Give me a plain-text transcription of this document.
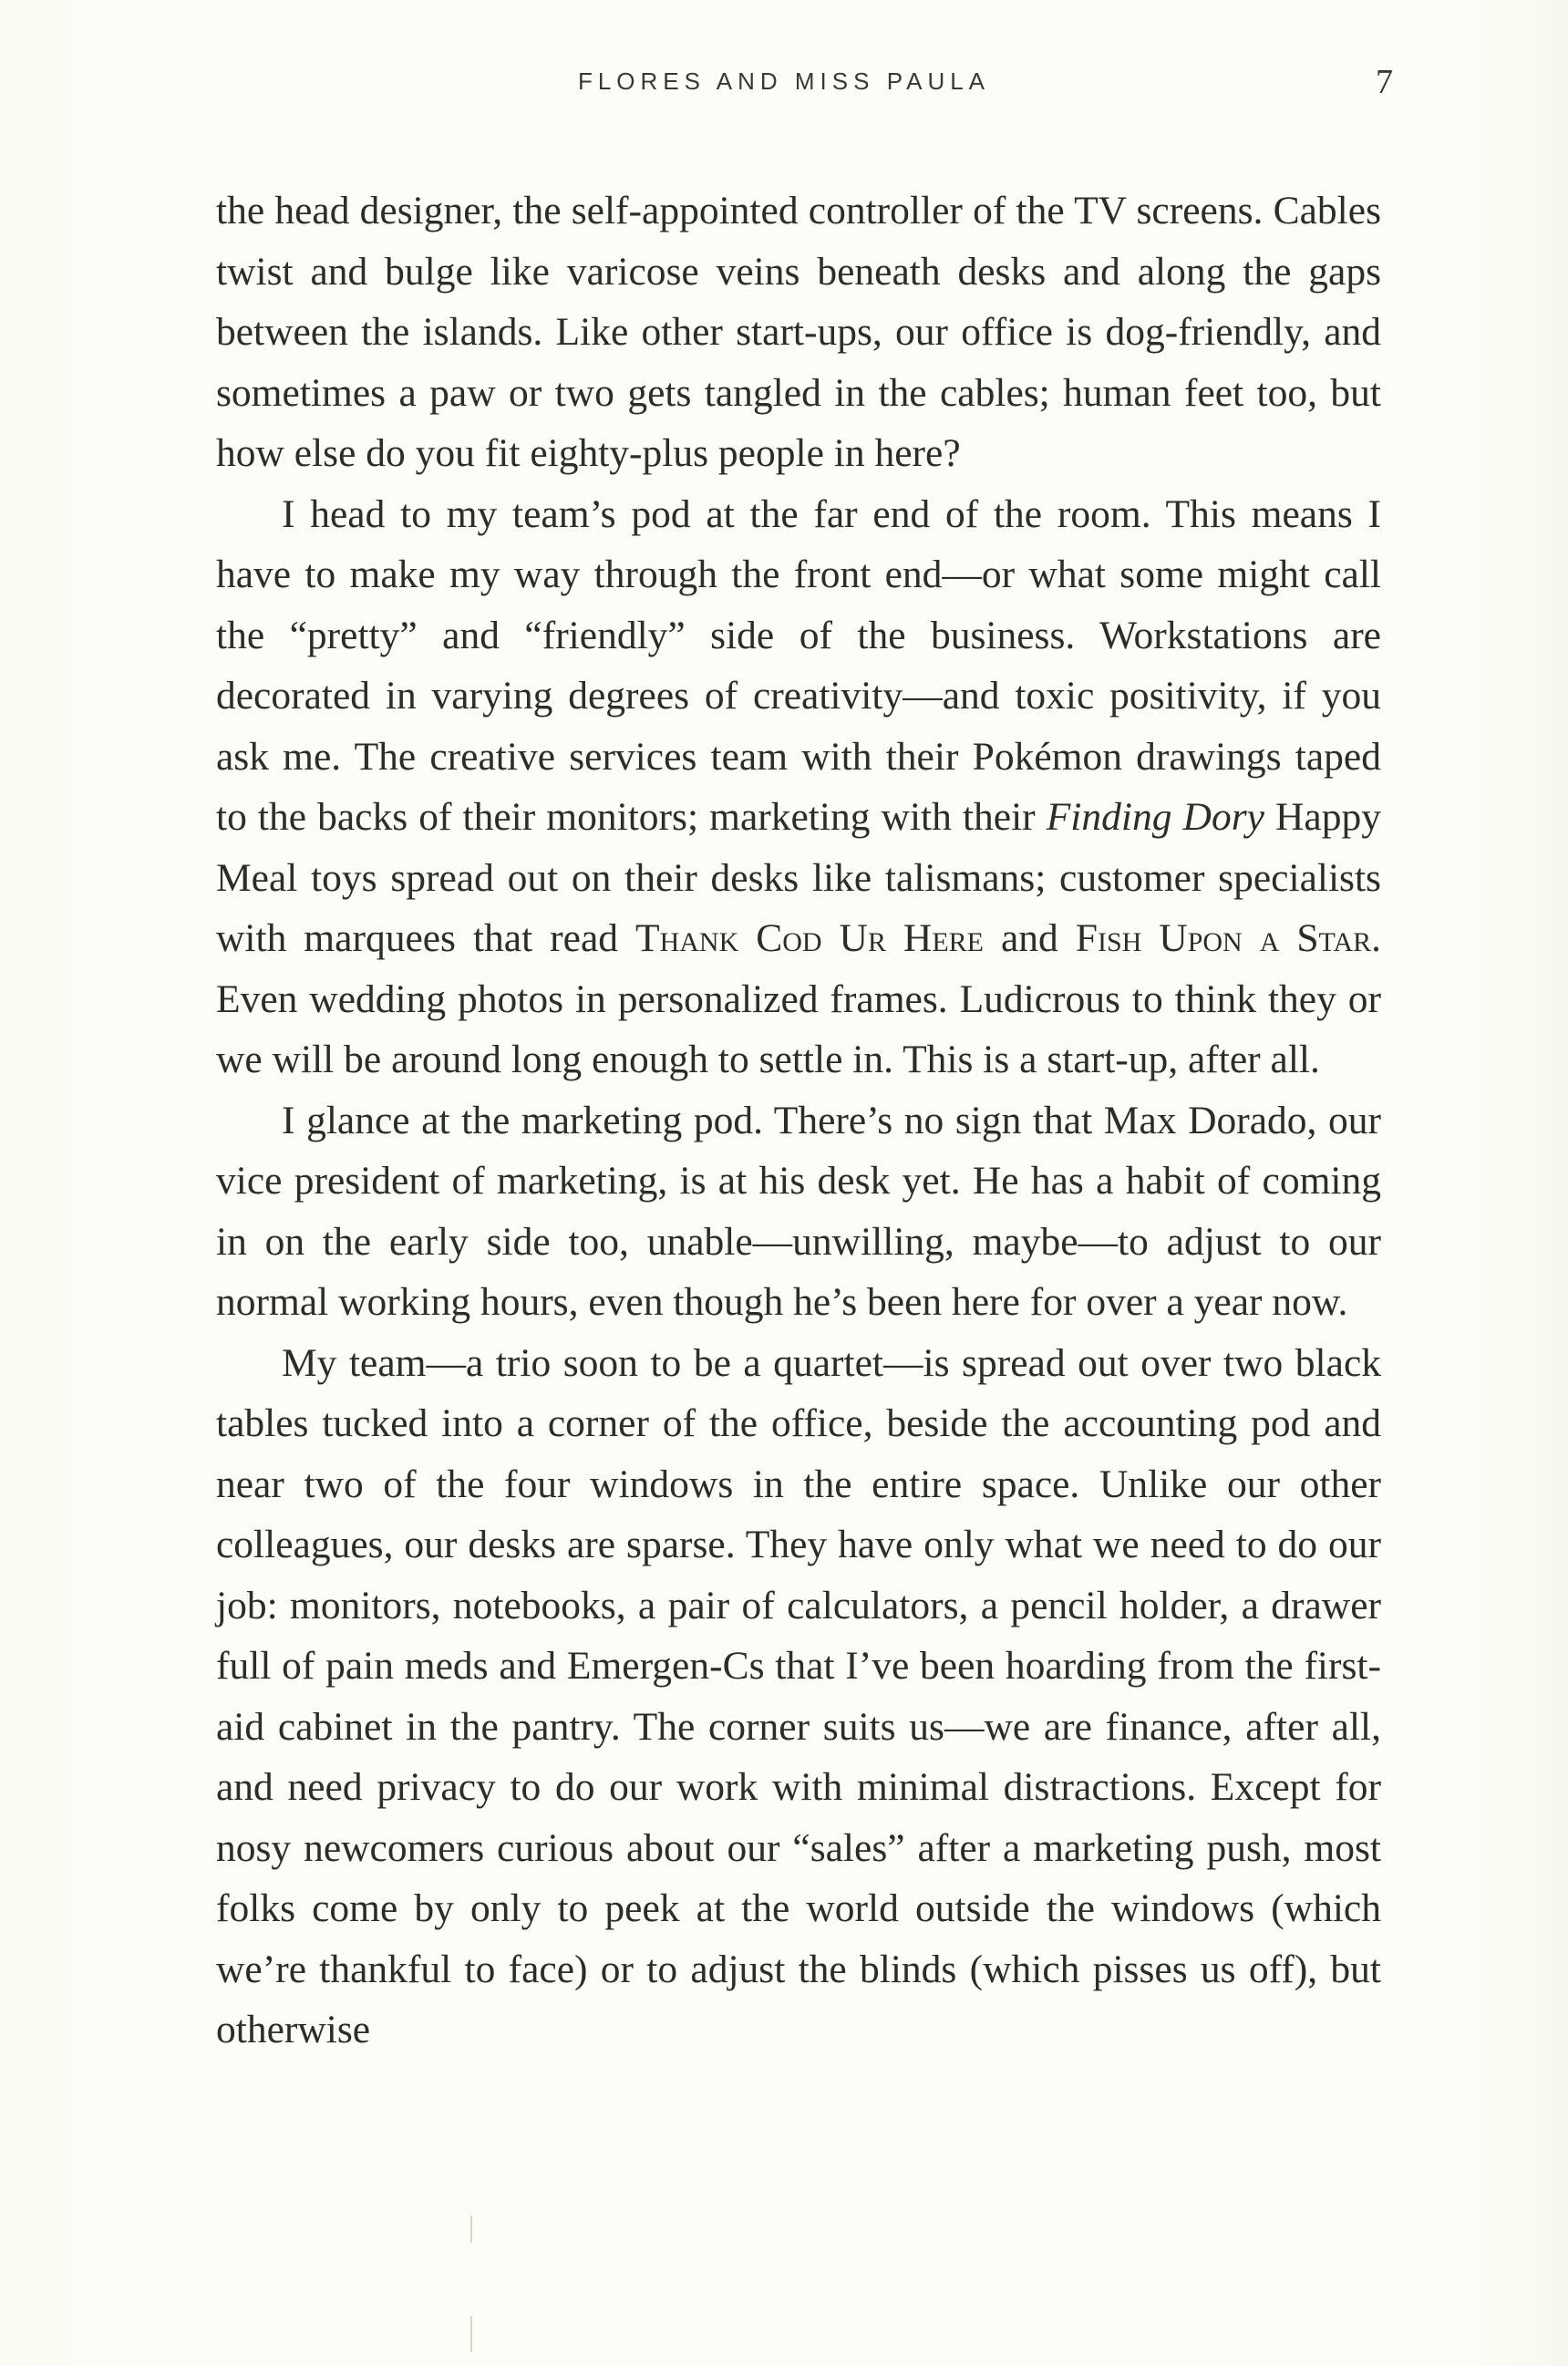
FLORES AND MISS PAULA	7

the head designer, the self-appointed controller of the TV screens. Cables twist and bulge like varicose veins beneath desks and along the gaps between the islands. Like other start-ups, our office is dog-friendly, and sometimes a paw or two gets tangled in the cables; human feet too, but how else do you fit eighty-plus people in here?

I head to my team’s pod at the far end of the room. This means I have to make my way through the front end—or what some might call the “pretty” and “friendly” side of the business. Workstations are decorated in varying degrees of creativity—and toxic positivity, if you ask me. The creative services team with their Pokémon drawings taped to the backs of their monitors; marketing with their Finding Dory Happy Meal toys spread out on their desks like talismans; customer specialists with marquees that read Thank Cod Ur Here and Fish Upon a Star. Even wedding photos in personalized frames. Ludicrous to think they or we will be around long enough to settle in. This is a start-up, after all.

I glance at the marketing pod. There’s no sign that Max Dorado, our vice president of marketing, is at his desk yet. He has a habit of coming in on the early side too, unable—unwilling, maybe—to adjust to our normal working hours, even though he’s been here for over a year now.

My team—a trio soon to be a quartet—is spread out over two black tables tucked into a corner of the office, beside the accounting pod and near two of the four windows in the entire space. Unlike our other colleagues, our desks are sparse. They have only what we need to do our job: monitors, notebooks, a pair of calculators, a pencil holder, a drawer full of pain meds and Emergen-Cs that I’ve been hoarding from the first-aid cabinet in the pantry. The corner suits us—we are finance, after all, and need privacy to do our work with minimal distractions. Except for nosy newcomers curious about our “sales” after a marketing push, most folks come by only to peek at the world outside the windows (which we’re thankful to face) or to adjust the blinds (which pisses us off), but otherwise
